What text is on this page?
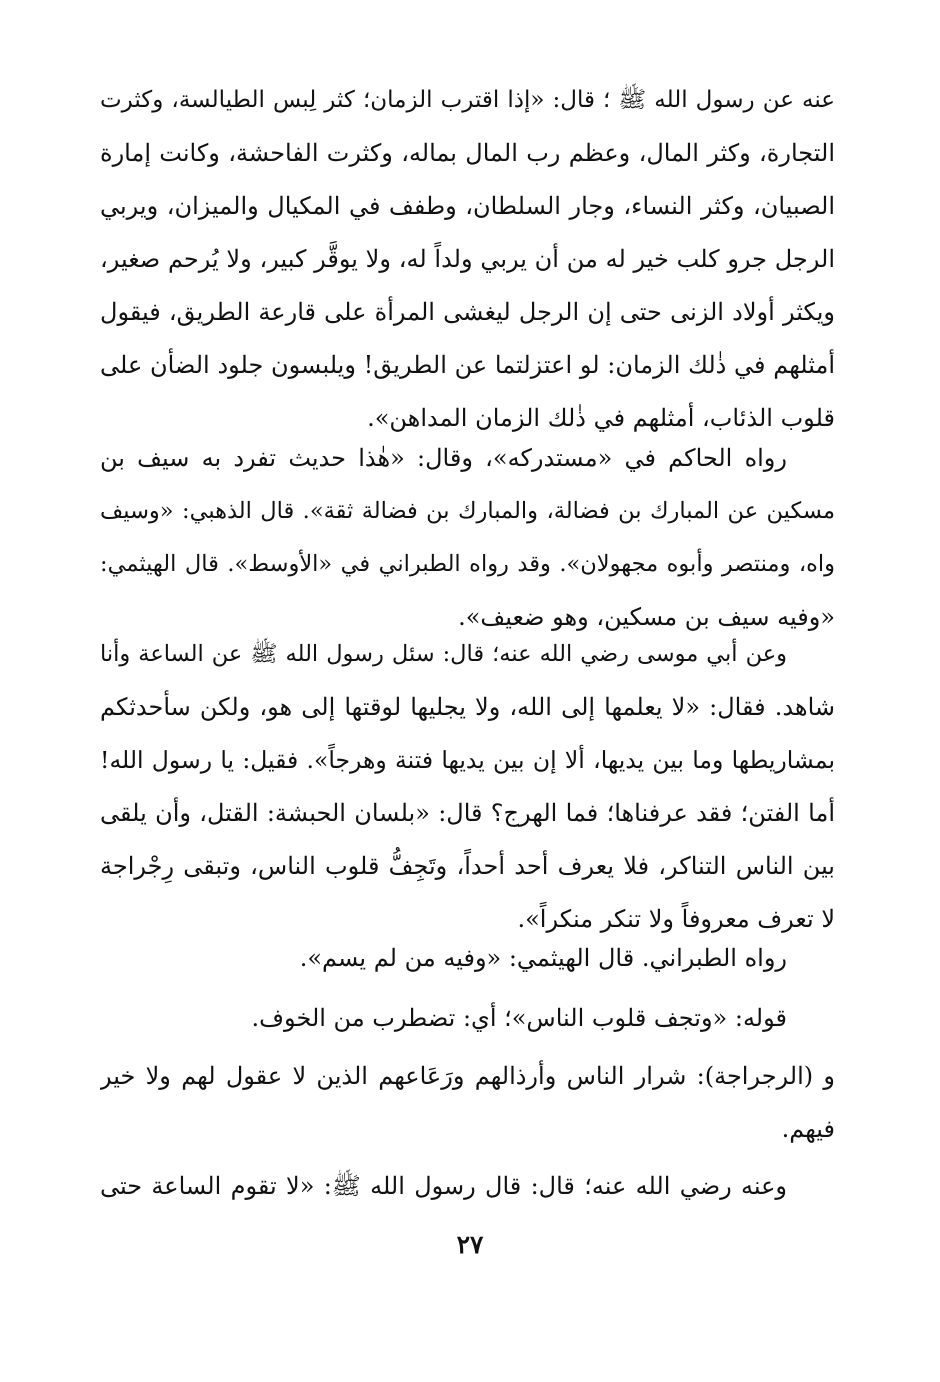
عنه عن رسول الله ﷺ ؛ قال: «إذا اقترب الزمان؛ كثر لِبس الطيالسة، وكثرت
التجارة، وكثر المال، وعظم رب المال بماله، وكثرت الفاحشة، وكانت إمارة
الصبيان، وكثر النساء، وجار السلطان، وطفف في المكيال والميزان، ويربي
الرجل جرو كلب خير له من أن يربي ولداً له، ولا يوقَّر كبير، ولا يُرحم صغير،
ويكثر أولاد الزنى حتى إن الرجل ليغشى المرأة على قارعة الطريق، فيقول
أمثلهم في ذٰلك الزمان: لو اعتزلتما عن الطريق! ويلبسون جلود الضأن على
قلوب الذئاب، أمثلهم في ذٰلك الزمان المداهن».
رواه الحاكم في «مستدركه»، وقال: «هٰذا حديث تفرد به سيف بن
مسكين عن المبارك بن فضالة، والمبارك بن فضالة ثقة». قال الذهبي: «وسيف
واه، ومنتصر وأبوه مجهولان». وقد رواه الطبراني في «الأوسط». قال الهيثمي:
«وفيه سيف بن مسكين، وهو ضعيف».
وعن أبي موسى رضي الله عنه؛ قال: سئل رسول الله ﷺ عن الساعة وأنا
شاهد. فقال: «لا يعلمها إلى الله، ولا يجليها لوقتها إلى هو، ولكن سأحدثكم
بمشاريطها وما بين يديها، ألا إن بين يديها فتنة وهرجاً». فقيل: يا رسول الله!
أما الفتن؛ فقد عرفناها؛ فما الهرج؟ قال: «بلسان الحبشة: القتل، وأن يلقى
بين الناس التناكر، فلا يعرف أحد أحداً، وتَجِفُّ قلوب الناس، وتبقى رِجْراجة
لا تعرف معروفاً ولا تنكر منكراً».
رواه الطبراني. قال الهيثمي: «وفيه من لم يسم».
قوله: «وتجف قلوب الناس»؛ أي: تضطرب من الخوف.
و (الرجراجة): شرار الناس وأرذالهم ورَعَاعهم الذين لا عقول لهم ولا خير
فيهم.
وعنه رضي الله عنه؛ قال: قال رسول الله ﷺ: «لا تقوم الساعة حتى
٢٧
